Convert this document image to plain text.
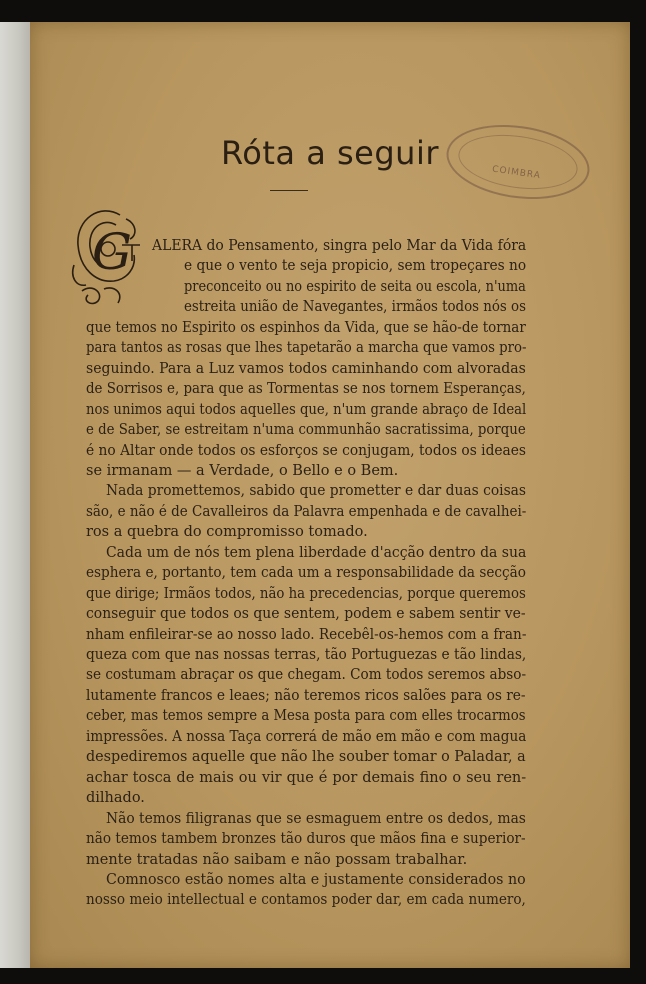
Róta a seguir
COIMBRA
G ALERA do Pensamento, singra pelo Mar da Vida fóra
e que o vento te seja propicio, sem tropeçares no
preconceito ou no espirito de seita ou escola, n'uma
estreita união de Navegantes, irmãos todos nós os
que temos no Espirito os espinhos da Vida, que se hão-de tornar
para tantos as rosas que lhes tapetarão a marcha que vamos pro-
seguindo. Para a Luz vamos todos caminhando com alvoradas
de Sorrisos e, para que as Tormentas se nos tornem Esperanças,
nos unimos aqui todos aquelles que, n'um grande abraço de Ideal
e de Saber, se estreitam n'uma communhão sacratissima, porque
é no Altar onde todos os esforços se conjugam, todos os ideaes
se irmanam — a Verdade, o Bello e o Bem.
Nada promettemos, sabido que prometter e dar duas coisas
são, e não é de Cavalleiros da Palavra empenhada e de cavalhei-
ros a quebra do compromisso tomado.
Cada um de nós tem plena liberdade d'acção dentro da sua
esphera e, portanto, tem cada um a responsabilidade da secção
que dirige; Irmãos todos, não ha precedencias, porque queremos
conseguir que todos os que sentem, podem e sabem sentir ve-
nham enfileirar-se ao nosso lado. Recebêl-os-hemos com a fran-
queza com que nas nossas terras, tão Portuguezas e tão lindas,
se costumam abraçar os que chegam. Com todos seremos abso-
lutamente francos e leaes; não teremos ricos salões para os re-
ceber, mas temos sempre a Mesa posta para com elles trocarmos
impressões. A nossa Taça correrá de mão em mão e com magua
despediremos aquelle que não lhe souber tomar o Paladar, a
achar tosca de mais ou vir que é por demais fino o seu ren-
dilhado.
Não temos filigranas que se esmaguem entre os dedos, mas
não temos tambem bronzes tão duros que mãos fina e superior-
mente tratadas não saibam e não possam trabalhar.
Comnosco estão nomes alta e justamente considerados no
nosso meio intellectual e contamos poder dar, em cada numero,
